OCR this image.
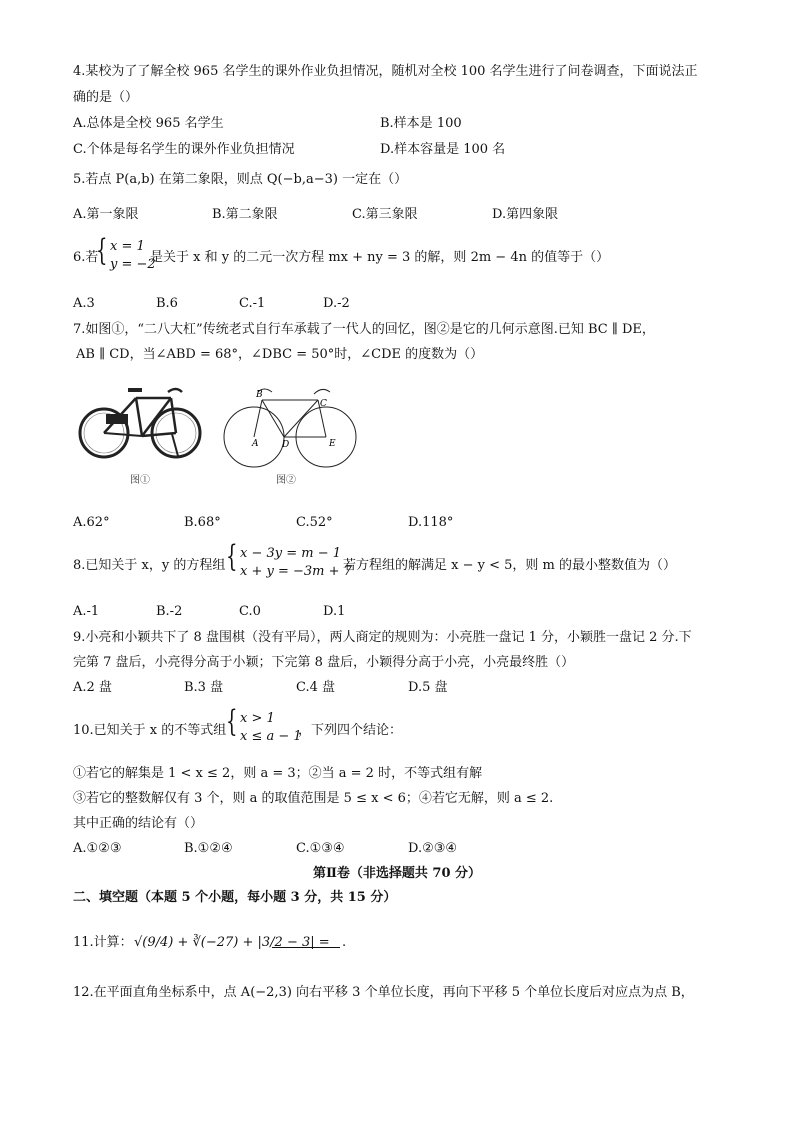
4.某校为了了解全校 965 名学生的课外作业负担情况，随机对全校 100 名学生进行了问卷调查，下面说法正
确的是（）
A.总体是全校 965 名学生	B.样本是 100
C.个体是每名学生的课外作业负担情况	D.样本容量是 100 名
5.若点 P(a,b) 在第二象限，则点 Q(−b,a−3) 一定在（）
A.第一象限	B.第二象限	C.第三象限	D.第四象限
6.若
{ x = 1
y = −2
是关于 x 和 y 的二元一次方程 mx + ny = 3 的解，则 2m − 4n 的值等于（）
A.3	B.6	C.-1	D.-2
7.如图①，“二八大杠”传统老式自行车承载了一代人的回忆，图②是它的几何示意图.已知 BC ∥ DE，
AB ∥ CD，当∠ABD = 68°，∠DBC = 50°时，∠CDE 的度数为（）
图①
B
C
A	D	E
图②
A.62°	B.68°	C.52°	D.118°
8.已知关于 x，y 的方程组 { x − 3y = m − 1
x + y = −3m + 7
若方程组的解满足 x − y < 5，则 m 的最小整数值为（）
A.-1	B.-2	C.0	D.1
9.小亮和小颖共下了 8 盘围棋（没有平局），两人商定的规则为：小亮胜一盘记 1 分，小颖胜一盘记 2 分.下
完第 7 盘后，小亮得分高于小颖；下完第 8 盘后，小颖得分高于小亮，小亮最终胜（）
A.2 盘	B.3 盘	C.4 盘	D.5 盘
10.已知关于 x 的不等式组 { x > 1
x ≤ a − 1
，下列四个结论：
①若它的解集是 1 < x ≤ 2，则 a = 3；②当 a = 2 时，不等式组有解
③若它的整数解仅有 3 个，则 a 的取值范围是 5 ≤ x < 6；④若它无解，则 a ≤ 2.
其中正确的结论有（）
A.①②③	B.①②④	C.①③④	D.②③④
第Ⅱ卷（非选择题共 70 分）
二、填空题（本题 5 个小题，每小题 3 分，共 15 分）
11.计算： √(9/4) + ∛(−27) + |3/2 − 3| = .
12.在平面直角坐标系中，点 A(−2,3) 向右平移 3 个单位长度，再向下平移 5 个单位长度后对应点为点 B，
